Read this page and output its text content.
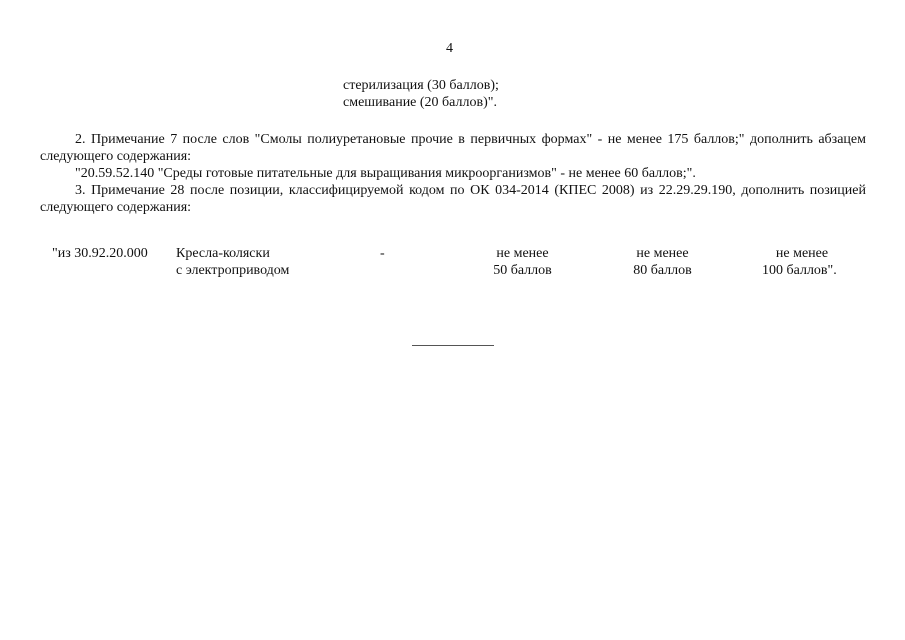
4
стерилизация (30 баллов);
смешивание (20 баллов)".
2. Примечание 7 после слов "Смолы полиуретановые прочие в первичных формах" - не менее 175 баллов;" дополнить абзацем следующего содержания:
"20.59.52.140 "Среды готовые питательные для выращивания микроорганизмов" - не менее 60 баллов;".
3. Примечание 28 после позиции, классифицируемой кодом по ОК 034-2014 (КПЕС 2008) из 22.29.29.190, дополнить позицией следующего содержания:
"из 30.92.20.000 Кресла-коляски
с электроприводом
-	не менее
50 баллов
не менее
80 баллов
не менее
100 баллов".
